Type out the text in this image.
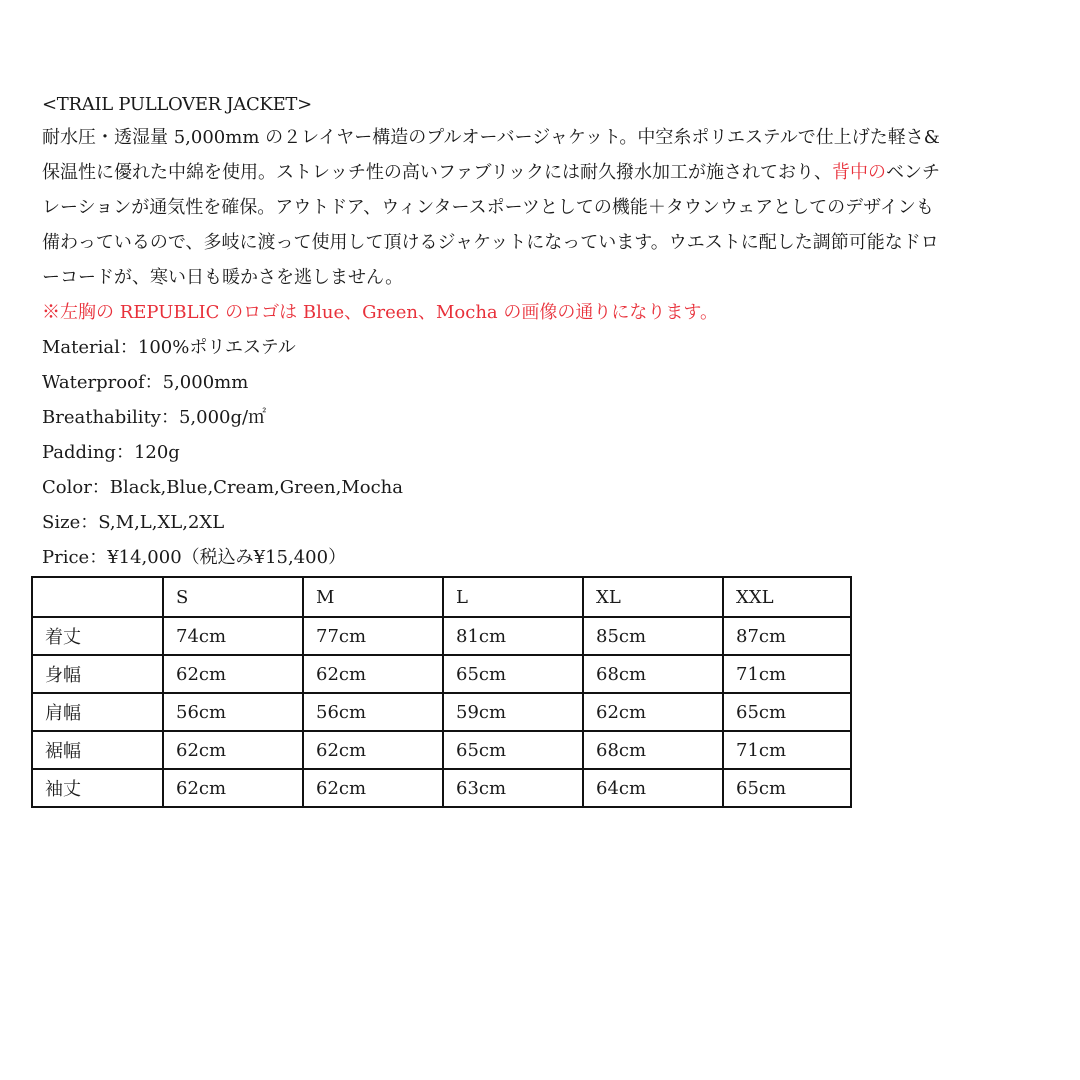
<TRAIL PULLOVER JACKET>

耐水圧・透湿量 5,000mm の２レイヤー構造のプルオーバージャケット。中空糸ポリエステルで仕上げた軽さ&

保温性に優れた中綿を使用。ストレッチ性の高いファブリックには耐久撥水加工が施されており、背中のベンチ

レーションが通気性を確保。アウトドア、ウィンタースポーツとしての機能＋タウンウェアとしてのデザインも

備わっているので、多岐に渡って使用して頂けるジャケットになっています。ウエストに配した調節可能なドロ

ーコードが、寒い日も暖かさを逃しません。

※左胸の REPUBLIC のロゴは Blue、Green、Mocha の画像の通りになります。

Material：100%ポリエステル

Waterproof：5,000mm

Breathability：5,000g/㎡

Padding：120g

Color：Black,Blue,Cream,Green,Mocha

Size：S,M,L,XL,2XL

Price：¥14,000（税込み¥15,400）

	S	M	L	XL	XXL
着丈	74cm	77cm	81cm	85cm	87cm
身幅	62cm	62cm	65cm	68cm	71cm
肩幅	56cm	56cm	59cm	62cm	65cm
裾幅	62cm	62cm	65cm	68cm	71cm
袖丈	62cm	62cm	63cm	64cm	65cm
